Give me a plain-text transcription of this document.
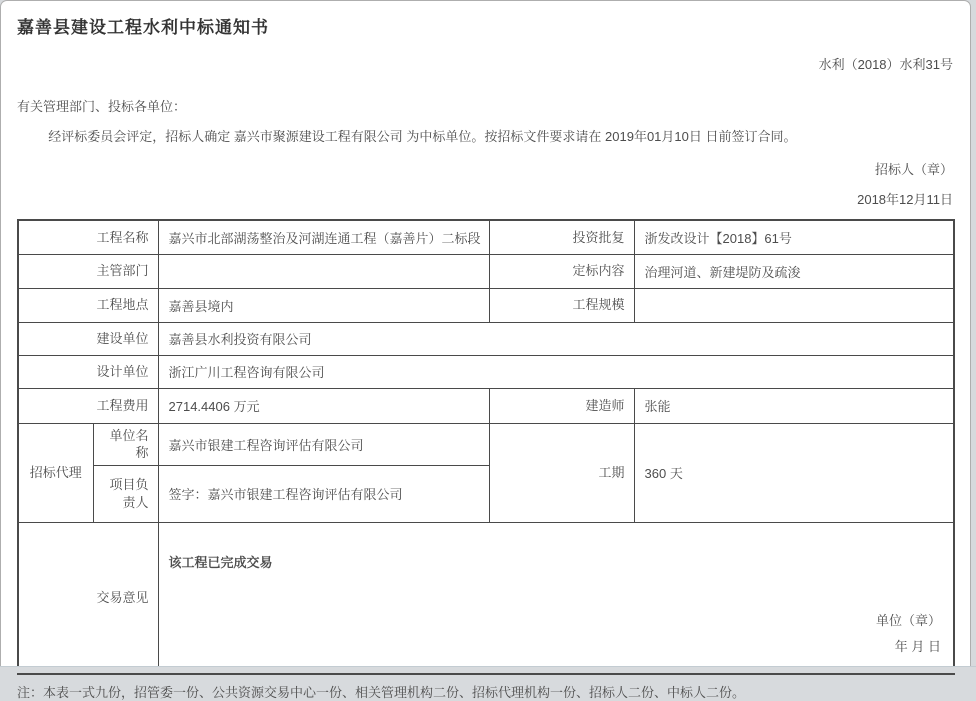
嘉善县建设工程水利中标通知书
水利（2018）水利31号
有关管理部门、投标各单位：
经评标委员会评定，招标人确定 嘉兴市聚源建设工程有限公司 为中标单位。按招标文件要求请在 2019年01月10日 日前签订合同。
招标人（章）
2018年12月11日
工程名称		嘉兴市北部湖荡整治及河湖连通工程（嘉善片）二标段	投资批复	浙发改设计【2018】61号
主管部门			定标内容	治理河道、新建堤防及疏浚
工程地点		嘉善县境内	工程规模	
建设单位		嘉善县水利投资有限公司		
设计单位		浙江广川工程咨询有限公司		
工程费用		2714.4406 万元	建造师	张能
招标代理	单位名称	嘉兴市银建工程咨询评估有限公司	工期	360 天
	项目负责人	签字：嘉兴市银建工程咨询评估有限公司		
交易意见		该工程已完成交易
单位（章）
年 月 日		
注：本表一式九份，招管委一份、公共资源交易中心一份、相关管理机构二份、招标代理机构一份、招标人二份、中标人二份。
